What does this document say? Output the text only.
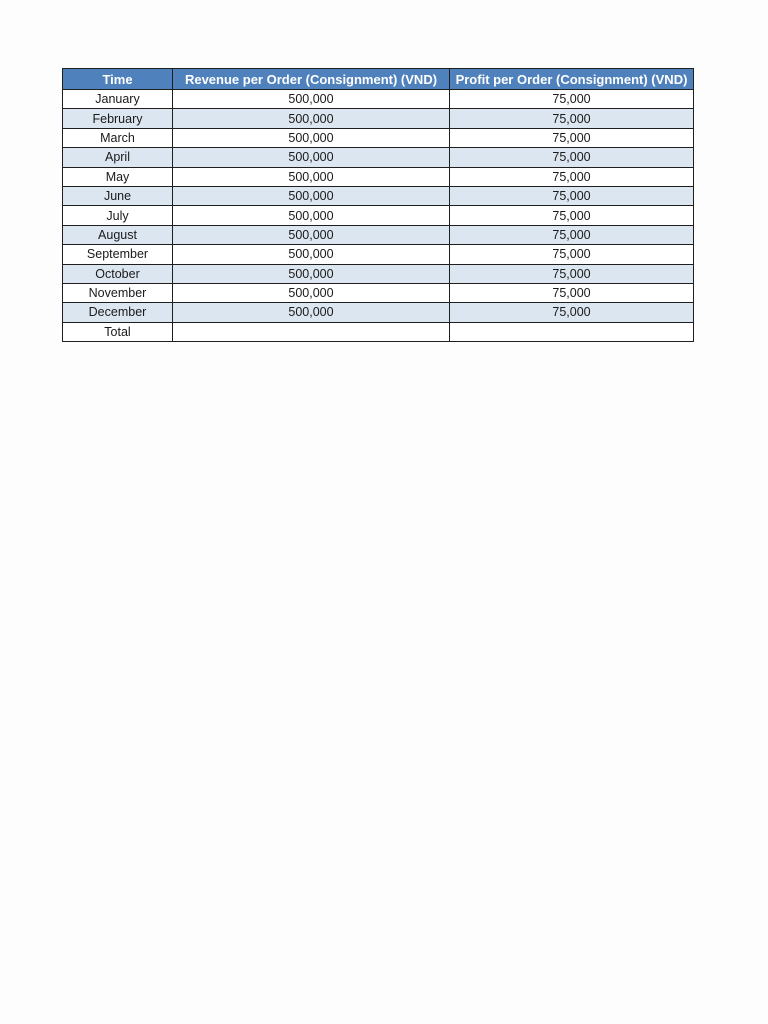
Time	Revenue per Order (Consignment) (VND)	Profit per Order (Consignment) (VND)
January	500,000	75,000
February	500,000	75,000
March	500,000	75,000
April	500,000	75,000
May	500,000	75,000
June	500,000	75,000
July	500,000	75,000
August	500,000	75,000
September	500,000	75,000
October	500,000	75,000
November	500,000	75,000
December	500,000	75,000
Total		
